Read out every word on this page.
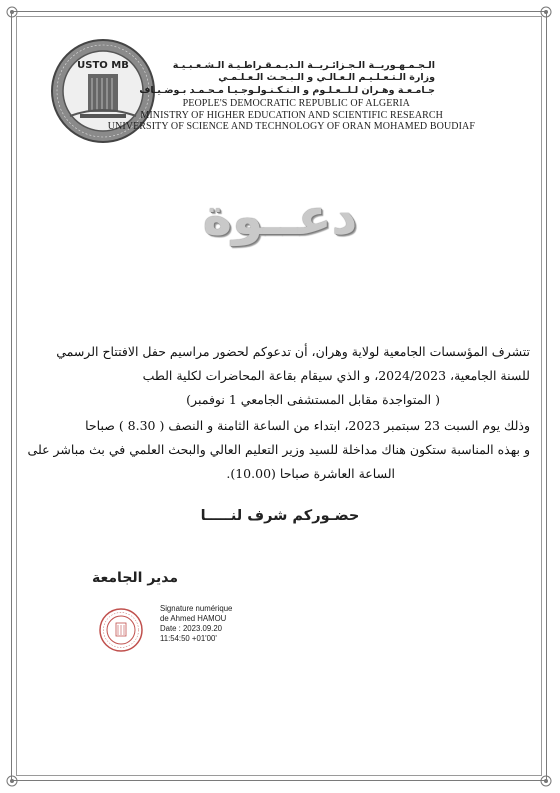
USTO MB	الـجـمـهـوريــة الـجـزائـريــة الـديـمـقـراطـيـة الـشـعـبـيـة
وزارة الـتـعـلـيـم الـعـالـي و الـبـحـث الـعـلـمـي
جـامـعـة وهـران لـلــعـلـوم و الـتـكـنـولـوجـيـا مـحـمـد بـوضـيـاف
PEOPLE'S DEMOCRATIC REPUBLIC OF ALGERIA
MINISTRY OF HIGHER EDUCATION AND SCIENTIFIC RESEARCH
UNIVERSITY OF SCIENCE AND TECHNOLOGY OF ORAN MOHAMED BOUDIAF
دعــوة
تتشرف المؤسسات الجامعية لولاية وهران، أن تدعوكم لحضور مراسيم حفل الافتتاح الرسمي
للسنة الجامعية، 2024/2023، و الذي سيقام بقاعة المحاضرات لكلية الطب
( المتواجدة مقابل المستشفى الجامعي 1 نوفمبر)
وذلك يوم السبت 23 سبتمبر 2023، ابتداء من الساعة الثامنة و النصف ( 8.30 ) صباحا
و بهذه المناسبة ستكون هناك مداخلة للسيد وزير التعليم العالي والبحث العلمي في بث مباشر على
الساعة العاشرة صباحا (10.00).
حضـوركم شرف لنـــــا
مدير الجامعة
Signature numérique
de Ahmed HAMOU
Date : 2023.09.20
11:54:50 +01'00'
